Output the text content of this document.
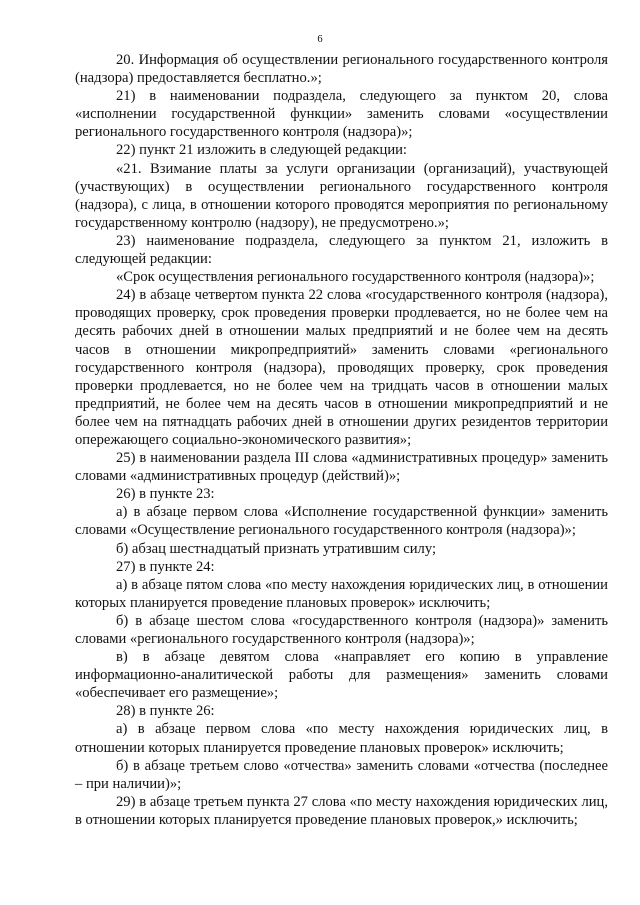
6

20. Информация об осуществлении регионального государственного контроля (надзора) предоставляется бесплатно.»;

21) в наименовании подраздела, следующего за пунктом 20, слова «исполнении государственной функции» заменить словами «осуществлении регионального государственного контроля (надзора)»;

22) пункт 21 изложить в следующей редакции:

«21. Взимание платы за услуги организации (организаций), участвующей (участвующих) в осуществлении регионального государственного контроля (надзора), с лица, в отношении которого проводятся мероприятия по региональному государственному контролю (надзору), не предусмотрено.»;

23) наименование подраздела, следующего за пунктом 21, изложить в следующей редакции:

«Срок осуществления регионального государственного контроля (надзора)»;

24) в абзаце четвертом пункта 22 слова «государственного контроля (надзора), проводящих проверку, срок проведения проверки продлевается, но не более чем на десять рабочих дней в отношении малых предприятий и не более чем на десять часов в отношении микропредприятий» заменить словами «регионального государственного контроля (надзора), проводящих проверку, срок проведения проверки продлевается, но не более чем на тридцать часов в отношении малых предприятий, не более чем на десять часов в отношении микропредприятий и не более чем на пятнадцать рабочих дней в отношении других резидентов территории опережающего социально-экономического развития»;

25) в наименовании раздела III слова «административных процедур» заменить словами «административных процедур (действий)»;

26) в пункте 23:

а) в абзаце первом слова «Исполнение государственной функции» заменить словами «Осуществление регионального государственного контроля (надзора)»;

б) абзац шестнадцатый признать утратившим силу;

27) в пункте 24:

а) в абзаце пятом слова «по месту нахождения юридических лиц, в отношении которых планируется проведение плановых проверок» исключить;

б) в абзаце шестом слова «государственного контроля (надзора)» заменить словами «регионального государственного контроля (надзора)»;

в) в абзаце девятом слова «направляет его копию в управление информационно-аналитической работы для размещения» заменить словами «обеспечивает его размещение»;

28) в пункте 26:

а) в абзаце первом слова «по месту нахождения юридических лиц, в отношении которых планируется проведение плановых проверок» исключить;

б) в абзаце третьем слово «отчества» заменить словами «отчества (последнее – при наличии)»;

29) в абзаце третьем пункта 27 слова «по месту нахождения юридических лиц, в отношении которых планируется проведение плановых проверок,» исключить;
